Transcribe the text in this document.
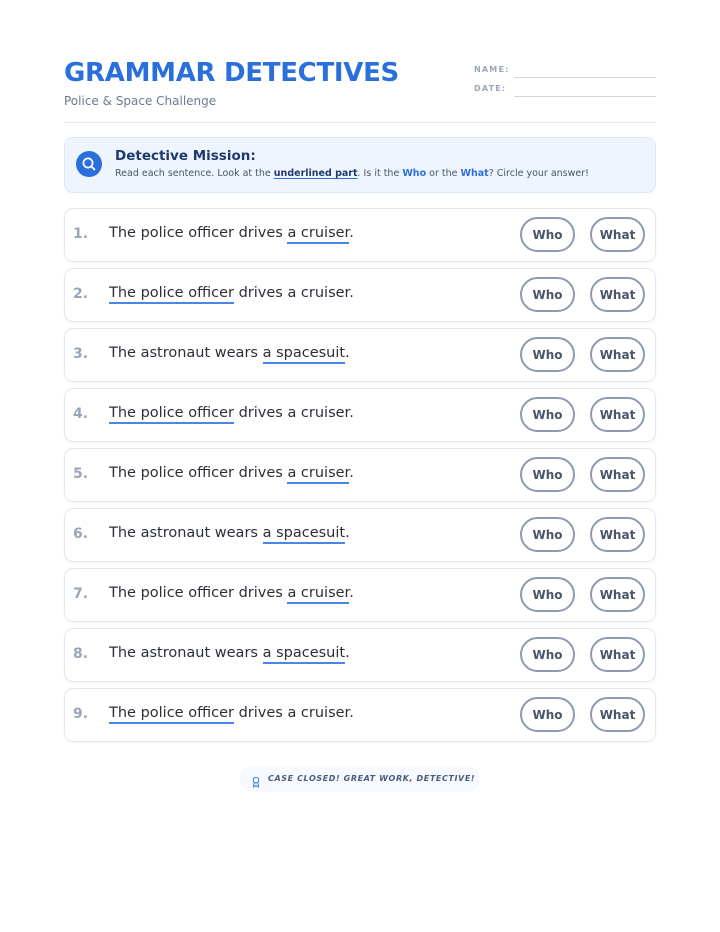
GRAMMAR DETECTIVES
Police & Space Challenge
NAME:
DATE:
Detective Mission:
Read each sentence. Look at the underlined part. Is it the Who or the What? Circle your answer!
1. The police officer drives a cruiser.	Who	What
2. The police officer drives a cruiser.	Who	What
3. The astronaut wears a spacesuit.	Who	What
4. The police officer drives a cruiser.	Who	What
5. The police officer drives a cruiser.	Who	What
6. The astronaut wears a spacesuit.	Who	What
7. The police officer drives a cruiser.	Who	What
8. The astronaut wears a spacesuit.	Who	What
9. The police officer drives a cruiser.	Who	What
CASE CLOSED! GREAT WORK, DETECTIVE!
